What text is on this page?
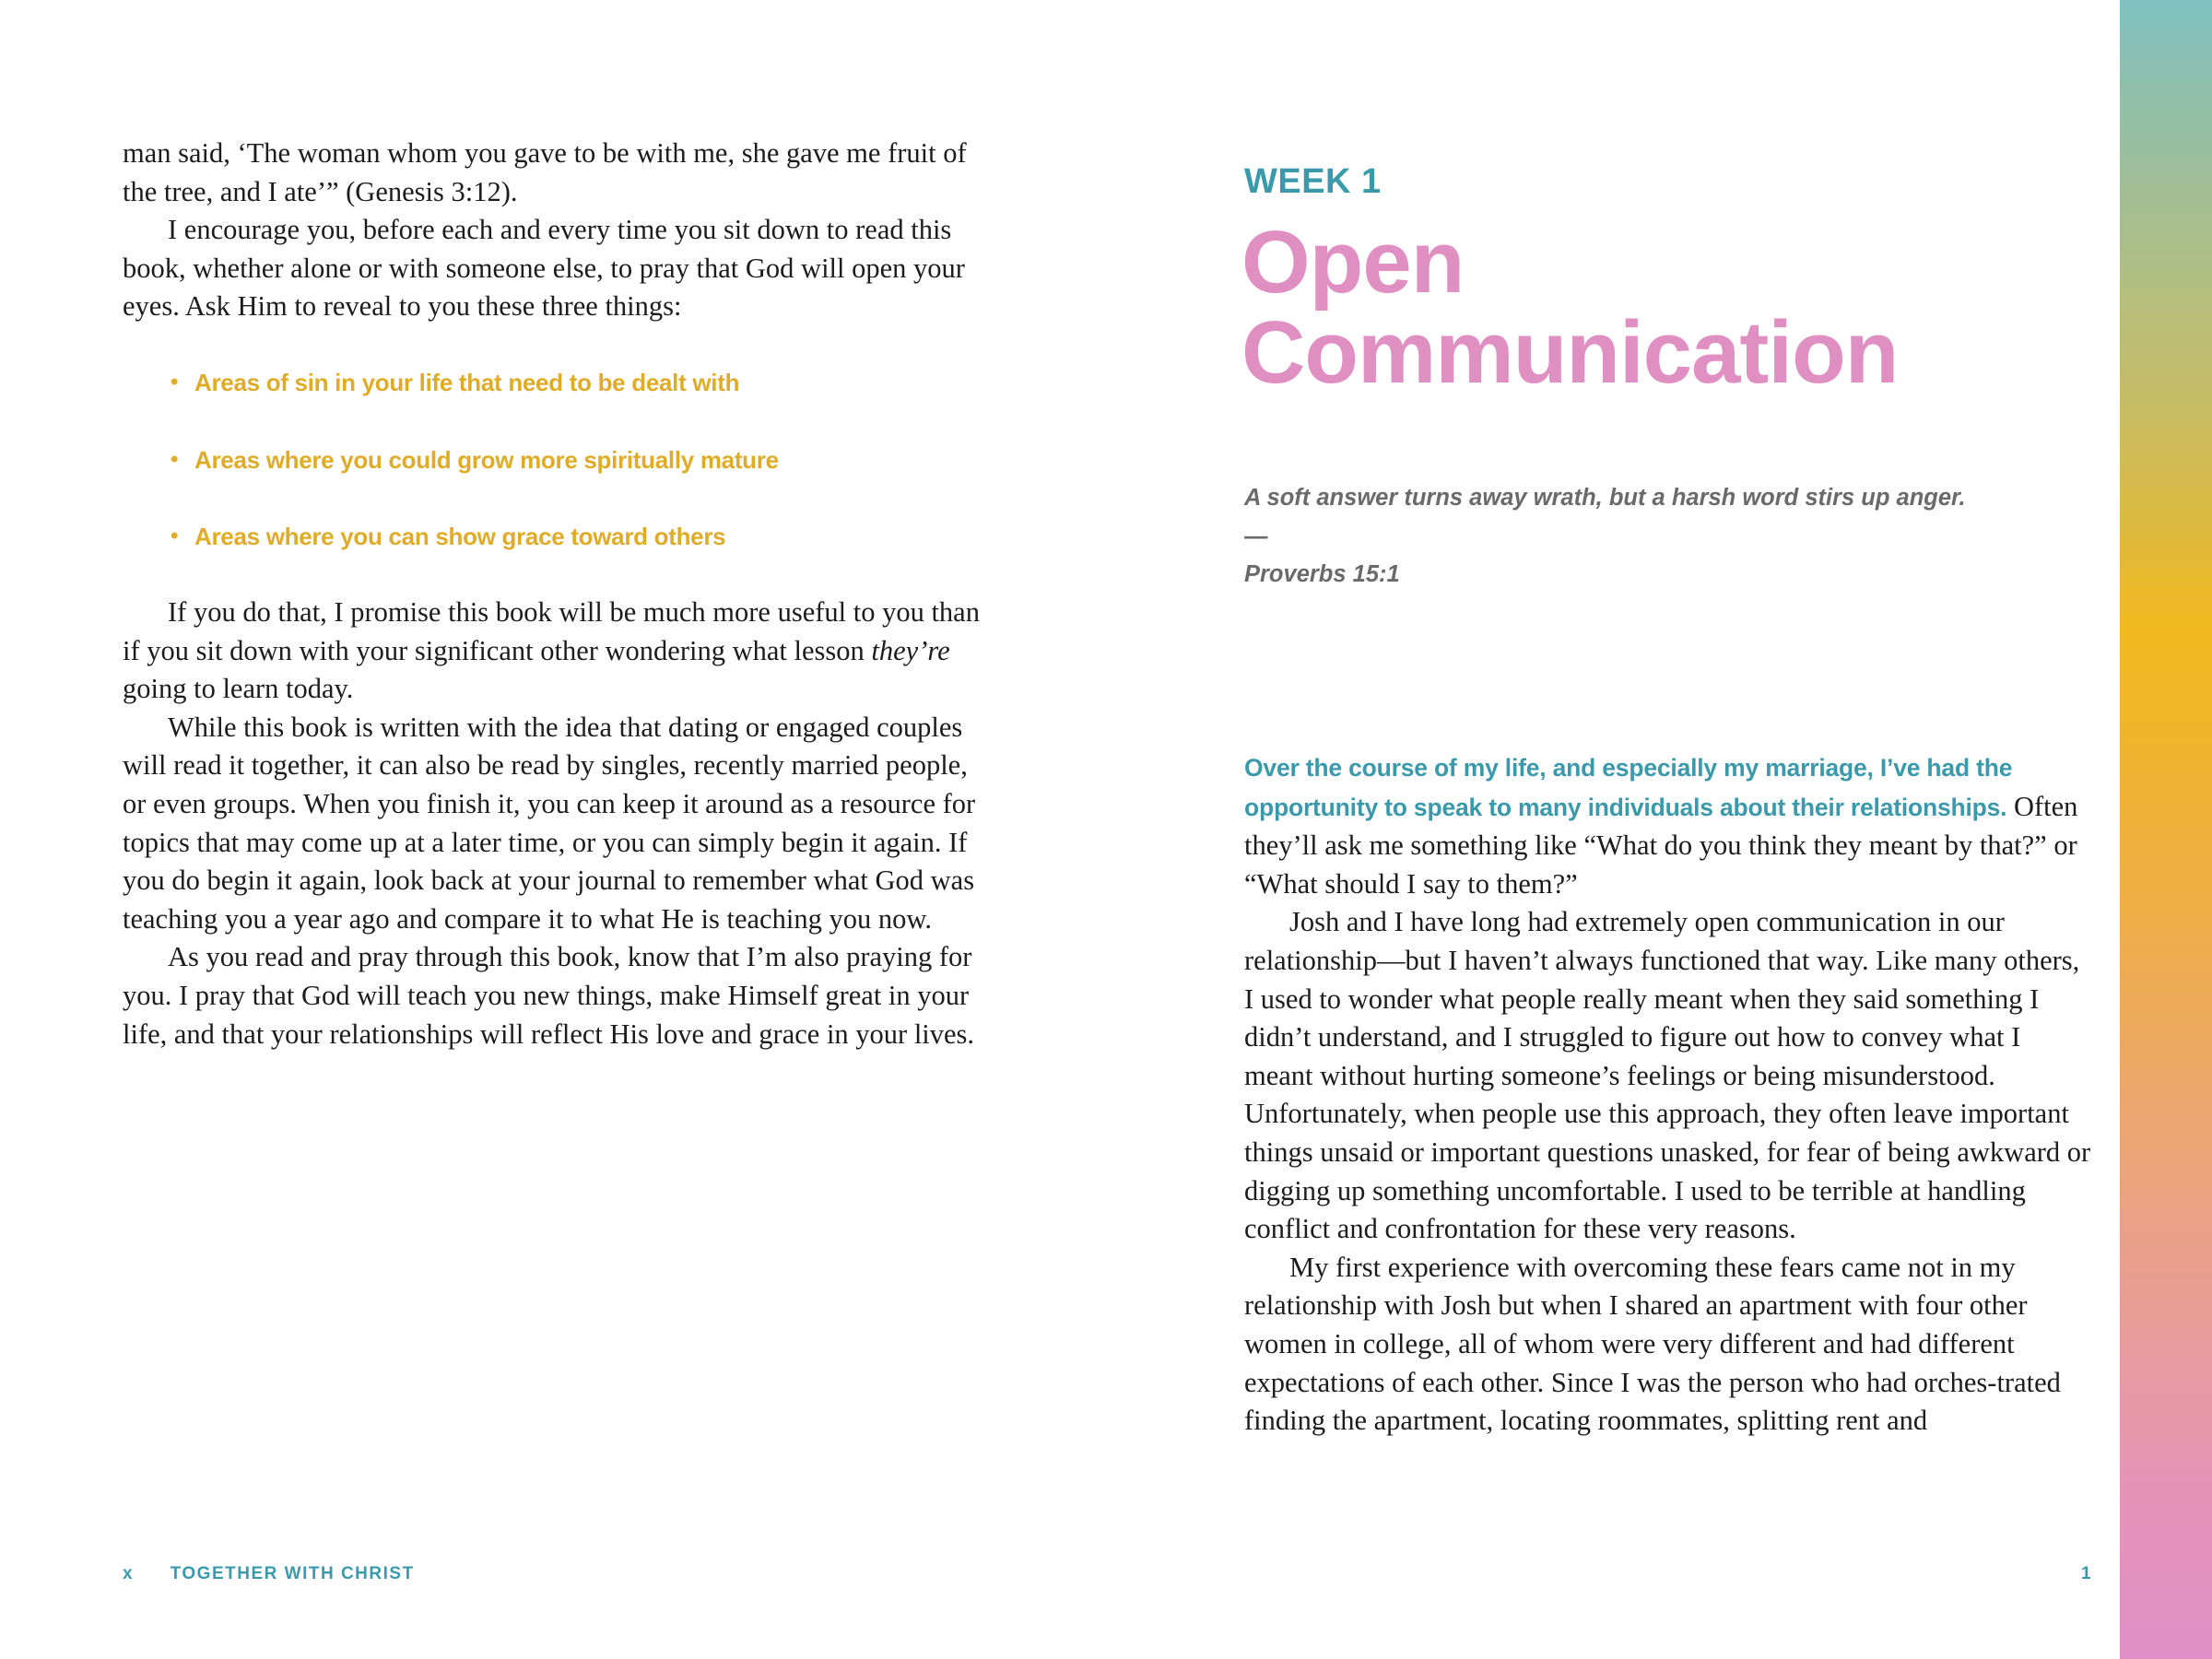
man said, ‘The woman whom you gave to be with me, she gave me fruit of the tree, and I ate’” (Genesis 3:12).

I encourage you, before each and every time you sit down to read this book, whether alone or with someone else, to pray that God will open your eyes. Ask Him to reveal to you these three things:

• Areas of sin in your life that need to be dealt with
• Areas where you could grow more spiritually mature
• Areas where you can show grace toward others

If you do that, I promise this book will be much more useful to you than if you sit down with your significant other wondering what lesson they’re going to learn today.

While this book is written with the idea that dating or engaged couples will read it together, it can also be read by singles, recently married people, or even groups. When you finish it, you can keep it around as a resource for topics that may come up at a later time, or you can simply begin it again. If you do begin it again, look back at your journal to remember what God was teaching you a year ago and compare it to what He is teaching you now.

As you read and pray through this book, know that I’m also praying for you. I pray that God will teach you new things, make Himself great in your life, and that your relationships will reflect His love and grace in your lives.

x TOGETHER WITH CHRIST
WEEK 1
Open
Communication
A soft answer turns away wrath, but a harsh word stirs up anger.
—
Proverbs 15:1

Over the course of my life, and especially my marriage, I’ve had the opportunity to speak to many individuals about their relationships. Often they’ll ask me something like “What do you think they meant by that?” or “What should I say to them?”

Josh and I have long had extremely open communication in our relationship—but I haven’t always functioned that way. Like many others, I used to wonder what people really meant when they said something I didn’t understand, and I struggled to figure out how to convey what I meant without hurting someone’s feelings or being misunderstood. Unfortunately, when people use this approach, they often leave important things unsaid or important questions unasked, for fear of being awkward or digging up something uncomfortable. I used to be terrible at handling conflict and confrontation for these very reasons.

My first experience with overcoming these fears came not in my relationship with Josh but when I shared an apartment with four other women in college, all of whom were very different and had different expectations of each other. Since I was the person who had orches-trated finding the apartment, locating roommates, splitting rent and

1
